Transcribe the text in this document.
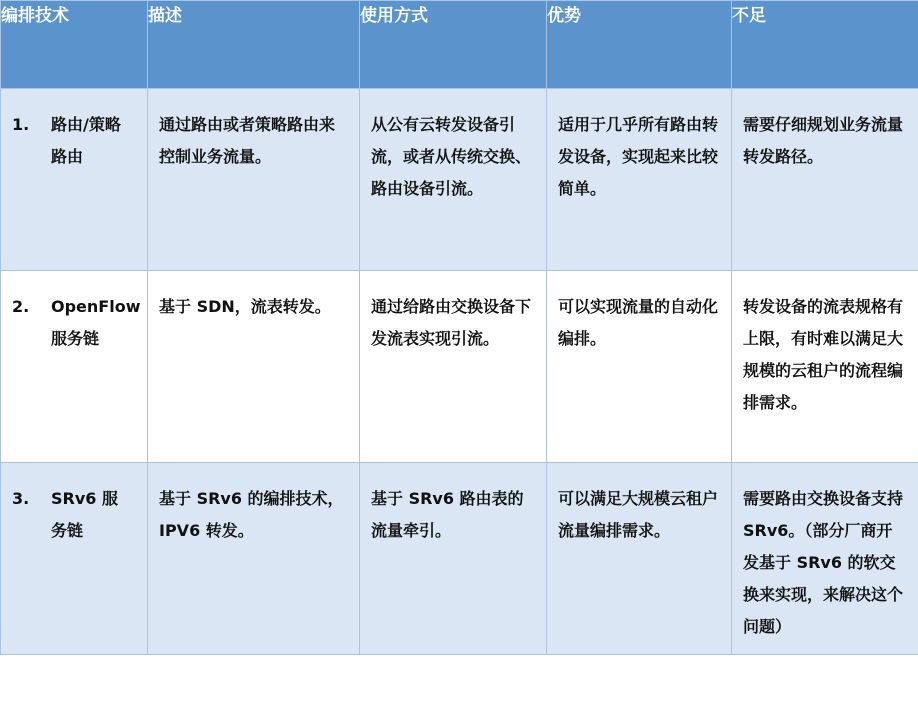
编排技术	描述	使用方式	优势	不足

1. 路由/策略路由	通过路由或者策略路由来控制业务流量。	从公有云转发设备引流，或者从传统交换、路由设备引流。	适用于几乎所有路由转发设备，实现起来比较简单。	需要仔细规划业务流量转发路径。

2. OpenFlow 服务链	基于 SDN，流表转发。	通过给路由交换设备下发流表实现引流。	可以实现流量的自动化编排。	转发设备的流表规格有上限，有时难以满足大规模的云租户的流程编排需求。

3. SRv6 服务链	基于 SRv6 的编排技术，IPV6 转发。	基于 SRv6 路由表的流量牵引。	可以满足大规模云租户流量编排需求。	需要路由交换设备支持 SRv6。（部分厂商开发基于 SRv6 的软交换来实现，来解决这个问题）
